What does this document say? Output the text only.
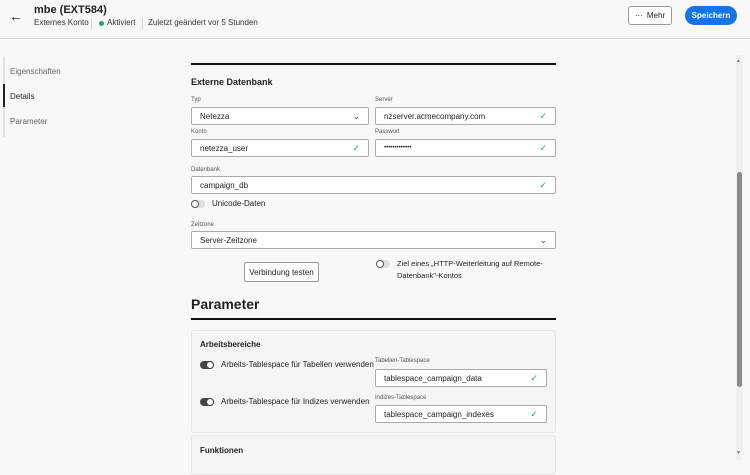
← mbe (EXT584)
Externes Konto Aktiviert Zuletzt geändert vor 5 Stunden
··· Mehr	Speichern
Eigenschaften
Details
Parameter
Externe Datenbank
Typ
Netezza	⌄
Server
nzserver.acmecompany.com	✓
Konto
netezza_user	✓
Passwort
•••••••••••••	✓
Datenbank
campaign_db	✓
Unicode-Daten
Zeitzone
Server-Zeitzone	⌄
Verbindung testen
Ziel eines „HTTP-Weiterleitung auf Remote-
Datenbank"-Kontos
Parameter
Arbeitsbereiche
Arbeits-Tablespace für Tabellen verwenden Tabellen-Tablespace
tablespace_campaign_data	✓
Arbeits-Tablespace für Indizes verwenden Indizes-Tablespace
tablespace_campaign_indexes	✓
Funktionen
▲
▼
